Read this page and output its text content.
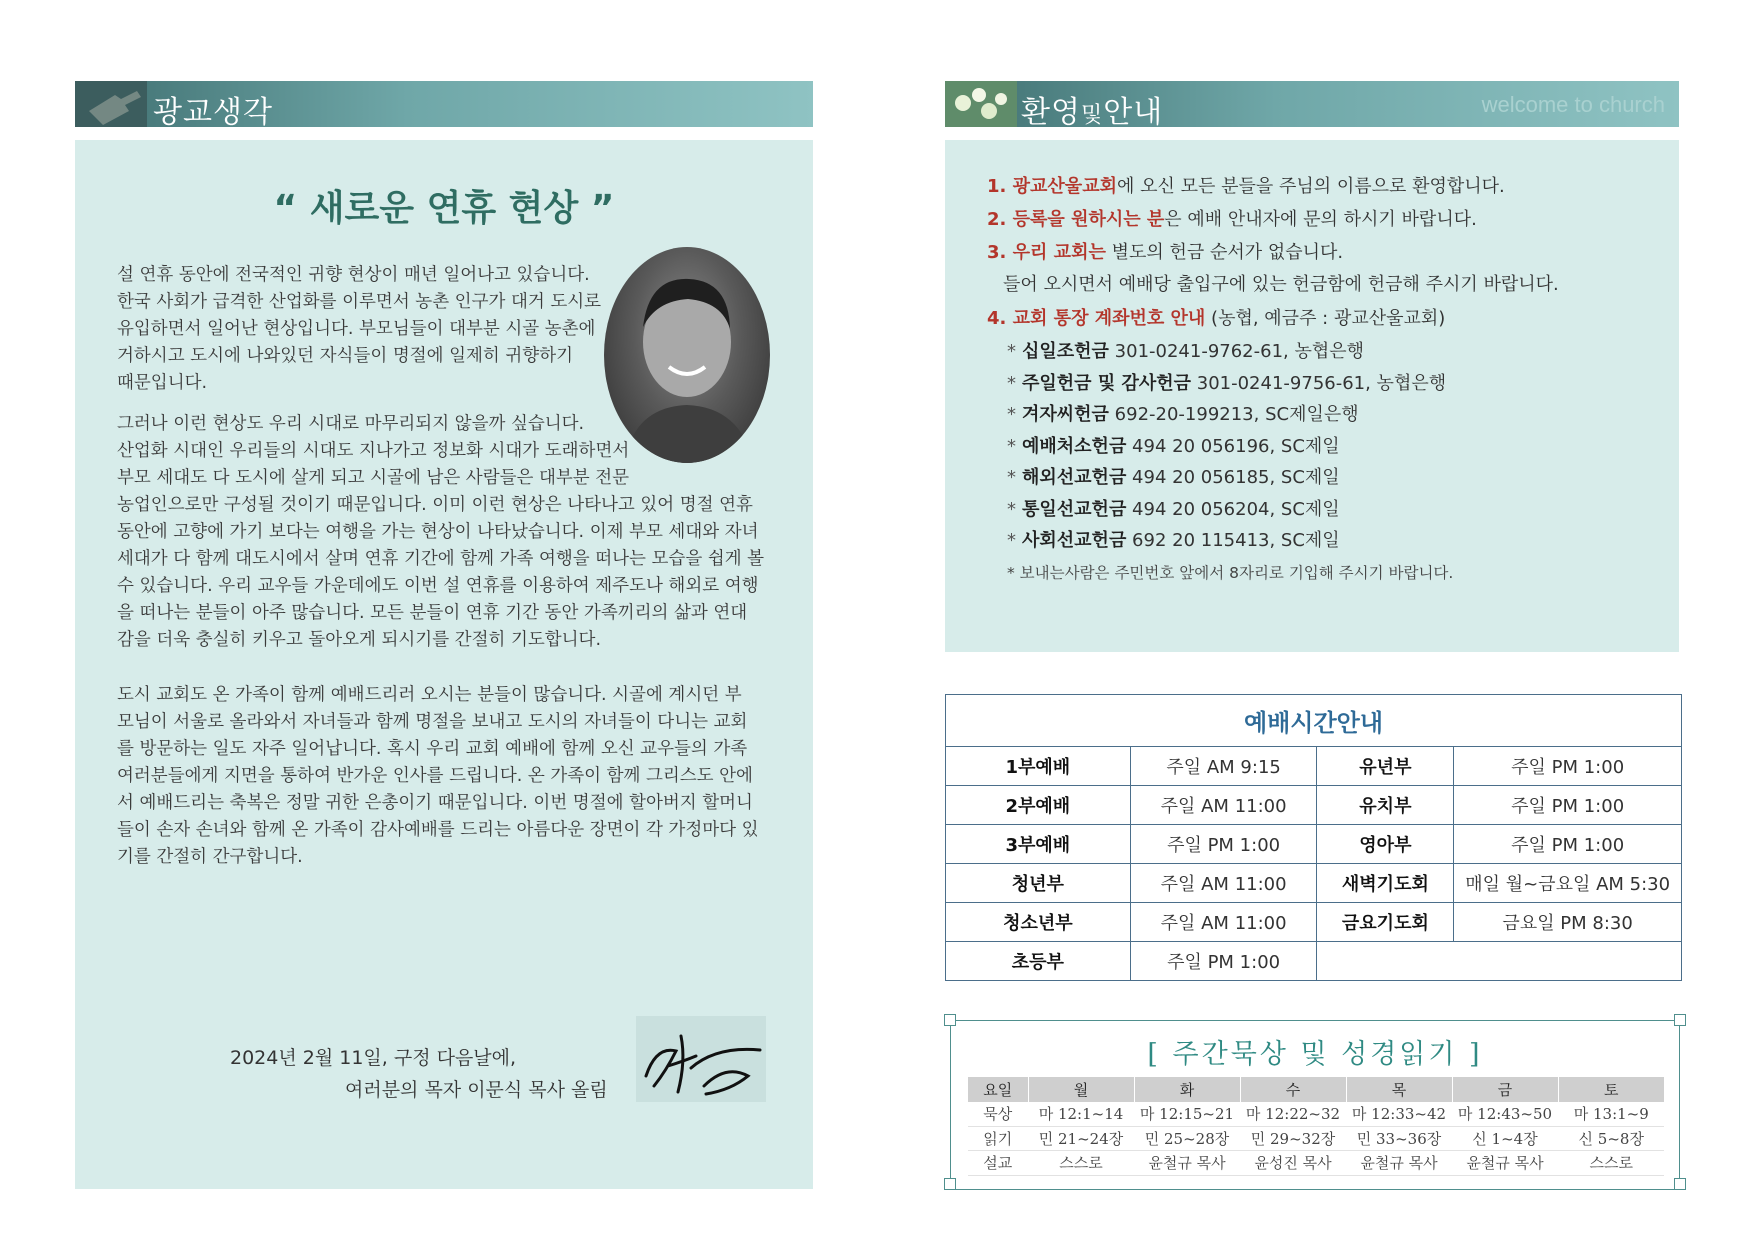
광교생각
“ 새로운 연휴 현상 ”
설 연휴 동안에 전국적인 귀향 현상이 매년 일어나고 있습니다.
한국 사회가 급격한 산업화를 이루면서 농촌 인구가 대거 도시로
유입하면서 일어난 현상입니다. 부모님들이 대부분 시골 농촌에
거하시고 도시에 나와있던 자식들이 명절에 일제히 귀향하기
때문입니다.
그러나 이런 현상도 우리 시대로 마무리되지 않을까 싶습니다.
산업화 시대인 우리들의 시대도 지나가고 정보화 시대가 도래하면서
부모 세대도 다 도시에 살게 되고 시골에 남은 사람들은 대부분 전문
농업인으로만 구성될 것이기 때문입니다. 이미 이런 현상은 나타나고 있어 명절 연휴
동안에 고향에 가기 보다는 여행을 가는 현상이 나타났습니다. 이제 부모 세대와 자녀
세대가 다 함께 대도시에서 살며 연휴 기간에 함께 가족 여행을 떠나는 모습을 쉽게 볼
수 있습니다. 우리 교우들 가운데에도 이번 설 연휴를 이용하여 제주도나 해외로 여행
을 떠나는 분들이 아주 많습니다. 모든 분들이 연휴 기간 동안 가족끼리의 삶과 연대
감을 더욱 충실히 키우고 돌아오게 되시기를 간절히 기도합니다.
도시 교회도 온 가족이 함께 예배드리러 오시는 분들이 많습니다. 시골에 계시던 부
모님이 서울로 올라와서 자녀들과 함께 명절을 보내고 도시의 자녀들이 다니는 교회
를 방문하는 일도 자주 일어납니다. 혹시 우리 교회 예배에 함께 오신 교우들의 가족
여러분들에게 지면을 통하여 반가운 인사를 드립니다. 온 가족이 함께 그리스도 안에
서 예배드리는 축복은 정말 귀한 은총이기 때문입니다. 이번 명절에 할아버지 할머니
들이 손자 손녀와 함께 온 가족이 감사예배를 드리는 아름다운 장면이 각 가정마다 있
기를 간절히 간구합니다.
2024년 2월 11일, 구정 다음날에,
여러분의 목자 이문식 목사 올림
환영및안내	welcome to church
1. 광교산울교회에 오신 모든 분들을 주님의 이름으로 환영합니다.
2. 등록을 원하시는 분은 예배 안내자에 문의 하시기 바랍니다.
3. 우리 교회는 별도의 헌금 순서가 없습니다.
들어 오시면서 예배당 출입구에 있는 헌금함에 헌금해 주시기 바랍니다.
4. 교회 통장 계좌번호 안내 (농협, 예금주 : 광교산울교회)
* 십일조헌금 301-0241-9762-61, 농협은행
* 주일헌금 및 감사헌금 301-0241-9756-61, 농협은행
* 겨자씨헌금 692-20-199213, SC제일은행
* 예배처소헌금 494 20 056196, SC제일
* 해외선교헌금 494 20 056185, SC제일
* 통일선교헌금 494 20 056204, SC제일
* 사회선교헌금 692 20 115413, SC제일
* 보내는사람은 주민번호 앞에서 8자리로 기입해 주시기 바랍니다.
예배시간안내			
1부예배	주일 AM 9:15	유년부	주일 PM 1:00
2부예배	주일 AM 11:00	유치부	주일 PM 1:00
3부예배	주일 PM 1:00	영아부	주일 PM 1:00
청년부	주일 AM 11:00	새벽기도회	매일 월~금요일 AM 5:30
청소년부	주일 AM 11:00	금요기도회	금요일 PM 8:30
초등부	주일 PM 1:00		
[ 주간묵상 및 성경읽기 ]
요일	월	화	수	목	금	토
묵상	마 12:1~14	마 12:15~21	마 12:22~32	마 12:33~42	마 12:43~50	마 13:1~9
읽기	민 21~24장	민 25~28장	민 29~32장	민 33~36장	신 1~4장	신 5~8장
설교	스스로	윤철규 목사	윤성진 목사	윤철규 목사	윤철규 목사	스스로
